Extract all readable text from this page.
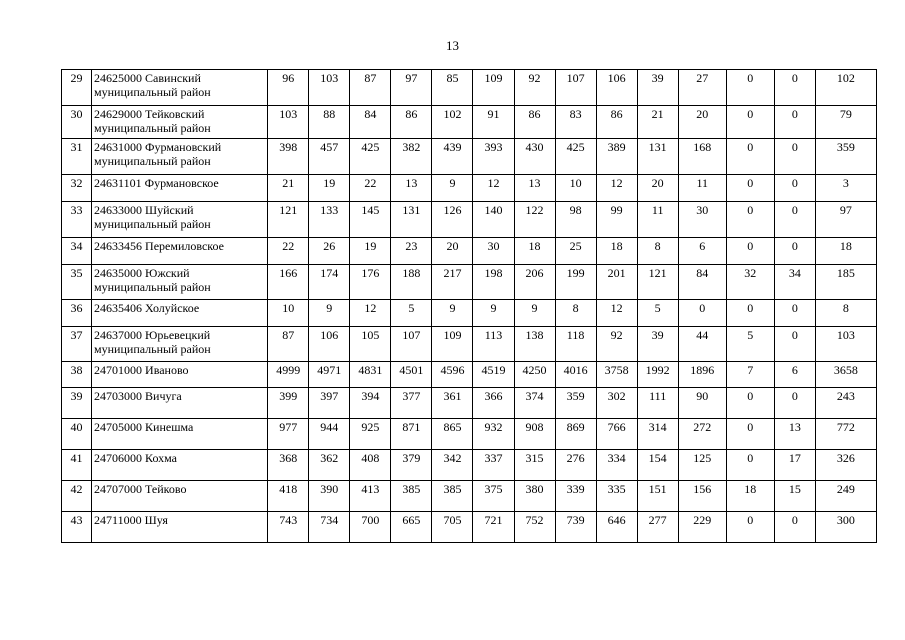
13
29	24625000 Савинский муниципальный район	96	103	87	97	85	109	92	107	106	39	27	0	0	102

30	24629000 Тейковский муниципальный район	103	88	84	86	102	91	86	83	86	21	20	0	0	79

31	24631000 Фурмановский муниципальный район	398	457	425	382	439	393	430	425	389	131	168	0	0	359

32	24631101 Фурмановское	21	19	22	13	9	12	13	10	12	20	11	0	0	3

33	24633000 Шуйский муниципальный район	121	133	145	131	126	140	122	98	99	11	30	0	0	97

34	24633456 Перемиловское	22	26	19	23	20	30	18	25	18	8	6	0	0	18

35	24635000 Южский муниципальный район	166	174	176	188	217	198	206	199	201	121	84	32	34	185

36	24635406 Холуйское	10	9	12	5	9	9	9	8	12	5	0	0	0	8

37	24637000 Юрьевецкий муниципальный район	87	106	105	107	109	113	138	118	92	39	44	5	0	103

38	24701000 Иваново	4999	4971	4831	4501	4596	4519	4250	4016	3758	1992	1896	7	6	3658

39	24703000 Вичуга	399	397	394	377	361	366	374	359	302	111	90	0	0	243

40	24705000 Кинешма	977	944	925	871	865	932	908	869	766	314	272	0	13	772

41	24706000 Кохма	368	362	408	379	342	337	315	276	334	154	125	0	17	326

42	24707000 Тейково	418	390	413	385	385	375	380	339	335	151	156	18	15	249

43	24711000 Шуя	743	734	700	665	705	721	752	739	646	277	229	0	0	300
